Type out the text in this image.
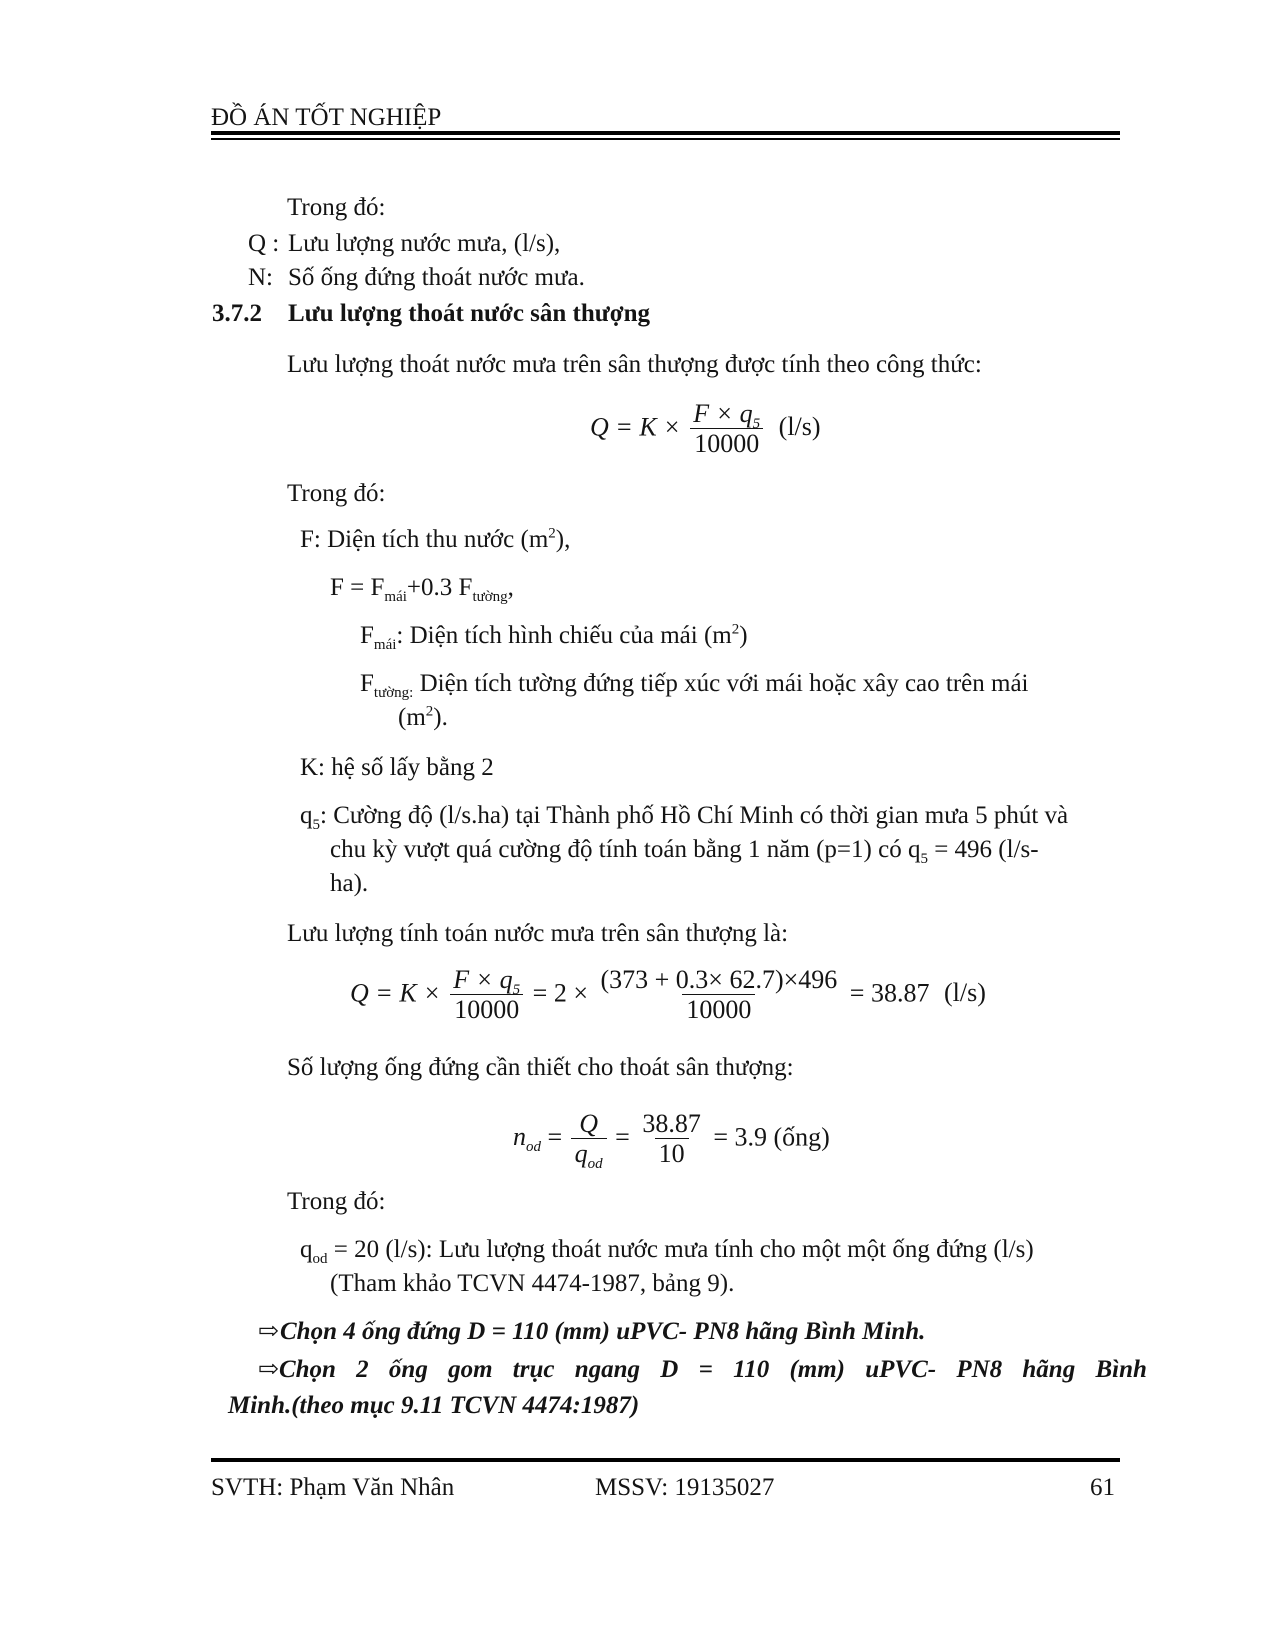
ĐỒ ÁN TỐT NGHIỆP
Trong đó:
Q : Lưu lượng nước mưa, (l/s),
N: Số ống đứng thoát nước mưa.
3.7.2 Lưu lượng thoát nước sân thượng
Lưu lượng thoát nước mưa trên sân thượng được tính theo công thức:
$Q = K \times \frac{F \times q_5}{10000} (l/s)$
Trong đó:
F: Diện tích thu nước $(m^2)$,
$F = F_{mái}+0.3$ $F_{tường}$,
$F_{mái}$: Diện tích hình chiếu của mái $(m^2)$
$F_{tường:}$ Diện tích tường đứng tiếp xúc với mái hoặc xây cao trên mái
$(m^2)$.
K: hệ số lấy bằng 2
$q_5$: Cường độ (l/s.ha) tại Thành phố Hồ Chí Minh có thời gian mưa 5 phút và
chu kỳ vượt quá cường độ tính toán bằng 1 năm (p=1) có $q_5 = 496$ (l/s-
ha).
Lưu lượng tính toán nước mưa trên sân thượng là:
$Q = K \times \frac{F \times q_5}{10000} = 2 \times \frac{(373 + 0.3\times 62.7)\times 496}{10000} = 38.87$ (l/s)
Số lượng ống đứng cần thiết cho thoát sân thượng:
$n_{od} = \frac{Q}{q_{od}} = \frac{38.87}{10} = 3.9$ (ống)
Trong đó:
$q_{od} = 20$ (l/s): Lưu lượng thoát nước mưa tính cho một một ống đứng (l/s)
(Tham khảo TCVN 4474-1987, bảng 9).
⇨Chọn 4 ống đứng D = 110 (mm) uPVC- PN8 hãng Bình Minh.
⇨ Chọn 2 ống gom trục ngang D = 110 (mm) uPVC- PN8 hãng Bình
Minh.(theo mục 9.11 TCVN 4474:1987)
SVTH: Phạm Văn Nhân	MSSV: 19135027	61
